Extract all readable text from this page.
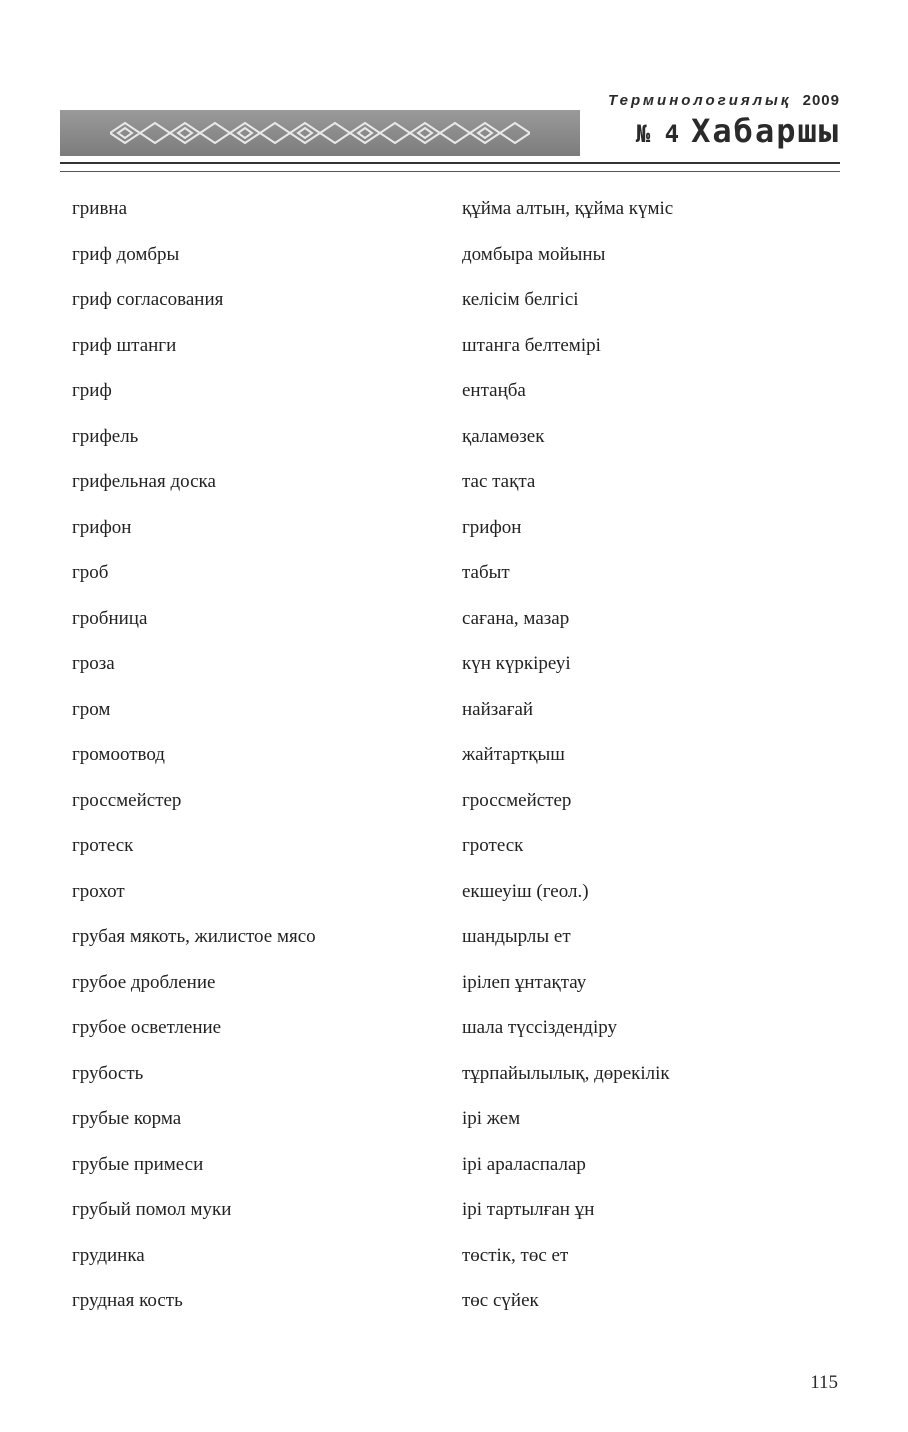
Терминологиялық 2009
№ 4 Хабаршы
гривна	құйма алтын, құйма күміс
гриф домбры	домбыра мойыны
гриф согласования	келісім белгісі
гриф штанги	штанга белтемірі
гриф	ентаңба
грифель	қаламөзек
грифельная доска	тас тақта
грифон	грифон
гроб	табыт
гробница	сағана, мазар
гроза	күн күркіреуі
гром	найзағай
громоотвод	жайтартқыш
гроссмейстер	гроссмейстер
гротеск	гротеск
грохот	екшеуіш (геол.)
грубая мякоть, жилистое мясо	шандырлы ет
грубое дробление	ірілеп ұнтақтау
грубое осветление	шала түссіздендіру
грубость	тұрпайылылық, дөрекілік
грубые корма	ірі жем
грубые примеси	ірі араласпалар
грубый помол муки	ірі тартылған ұн
грудинка	төстік, төс ет
грудная кость	төс сүйек
115
